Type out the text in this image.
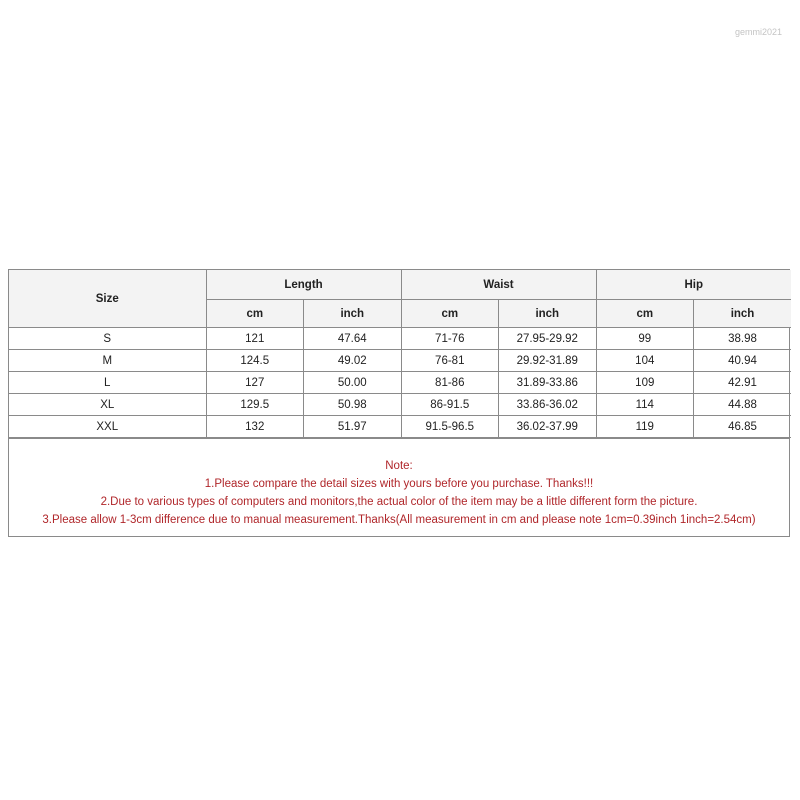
gemmi2021
Size	Length		Waist		Hip	
	cm	inch	cm	inch	cm	inch
S	121	47.64	71-76	27.95-29.92	99	38.98
M	124.5	49.02	76-81	29.92-31.89	104	40.94
L	127	50.00	81-86	31.89-33.86	109	42.91
XL	129.5	50.98	86-91.5	33.86-36.02	114	44.88
XXL	132	51.97	91.5-96.5	36.02-37.99	119	46.85
Note:
1.Please compare the detail sizes with yours before you purchase. Thanks!!!
2.Due to various types of computers and monitors,the actual color of the item may be a little different form the picture.
3.Please allow 1-3cm difference due to manual measurement.Thanks(All measurement in cm and please note 1cm=0.39inch 1inch=2.54cm)
